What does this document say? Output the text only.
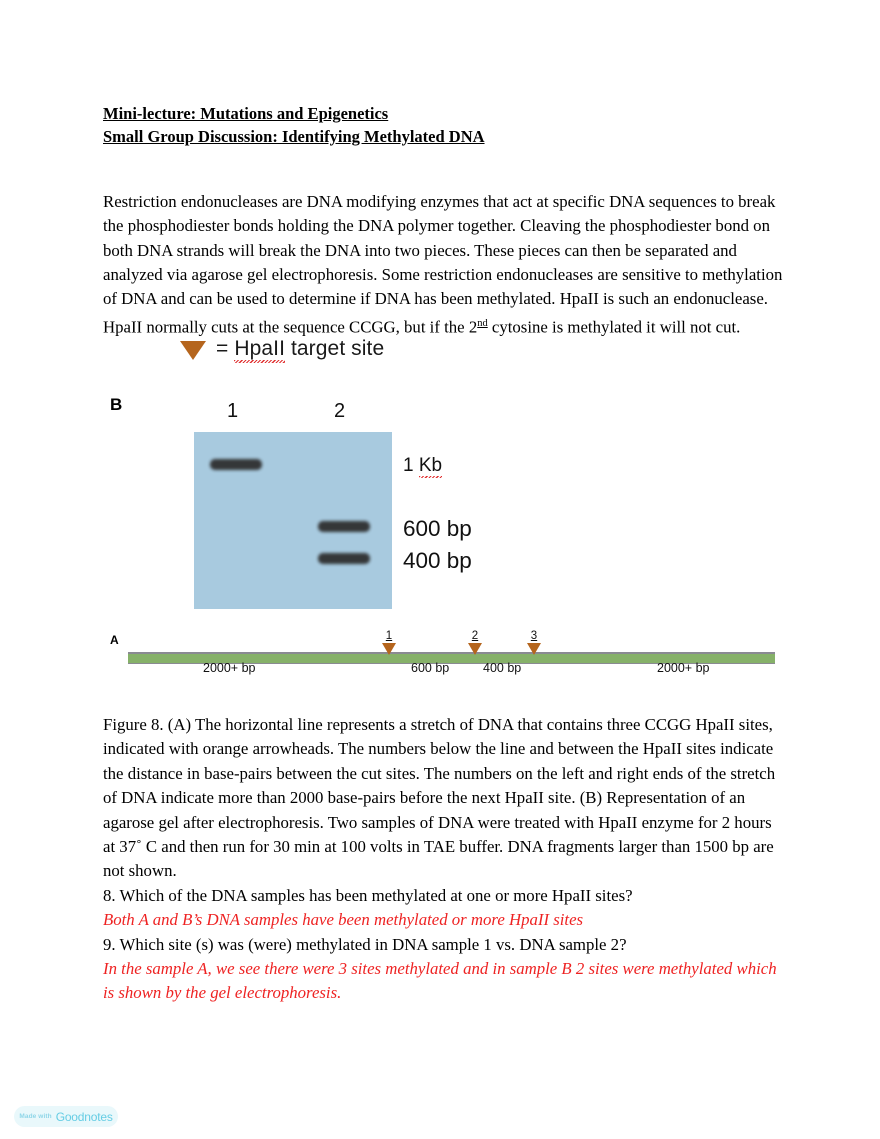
Mini-lecture: Mutations and Epigenetics
Small Group Discussion: Identifying Methylated DNA

Restriction endonucleases are DNA modifying enzymes that act at specific DNA sequences to break the phosphodiester bonds holding the DNA polymer together. Cleaving the phosphodiester bond on both DNA strands will break the DNA into two pieces. These pieces can then be separated and analyzed via agarose gel electrophoresis. Some restriction endonucleases are sensitive to methylation of DNA and can be used to determine if DNA has been methylated. HpaII is such an endonuclease. HpaII normally cuts at the sequence CCGG, but if the 2nd cytosine is methylated it will not cut.

= HpaII target site
B	1	2
1 Kb
600 bp
400 bp
A	1	2	3
2000+ bp	600 bp	400 bp	2000+ bp
Figure 8. (A) The horizontal line represents a stretch of DNA that contains three CCGG HpaII sites, indicated with orange arrowheads. The numbers below the line and between the HpaII sites indicate the distance in base-pairs between the cut sites. The numbers on the left and right ends of the stretch of DNA indicate more than 2000 base-pairs before the next HpaII site. (B) Representation of an agarose gel after electrophoresis. Two samples of DNA were treated with HpaII enzyme for 2 hours at 37˚ C and then run for 30 min at 100 volts in TAE buffer. DNA fragments larger than 1500 bp are not shown.
8. Which of the DNA samples has been methylated at one or more HpaII sites?
Both A and B’s DNA samples have been methylated or more HpaII sites
9. Which site (s) was (were) methylated in DNA sample 1 vs. DNA sample 2?
In the sample A, we see there were 3 sites methylated and in sample B 2 sites were methylated which is shown by the gel electrophoresis.
Made with Goodnotes
